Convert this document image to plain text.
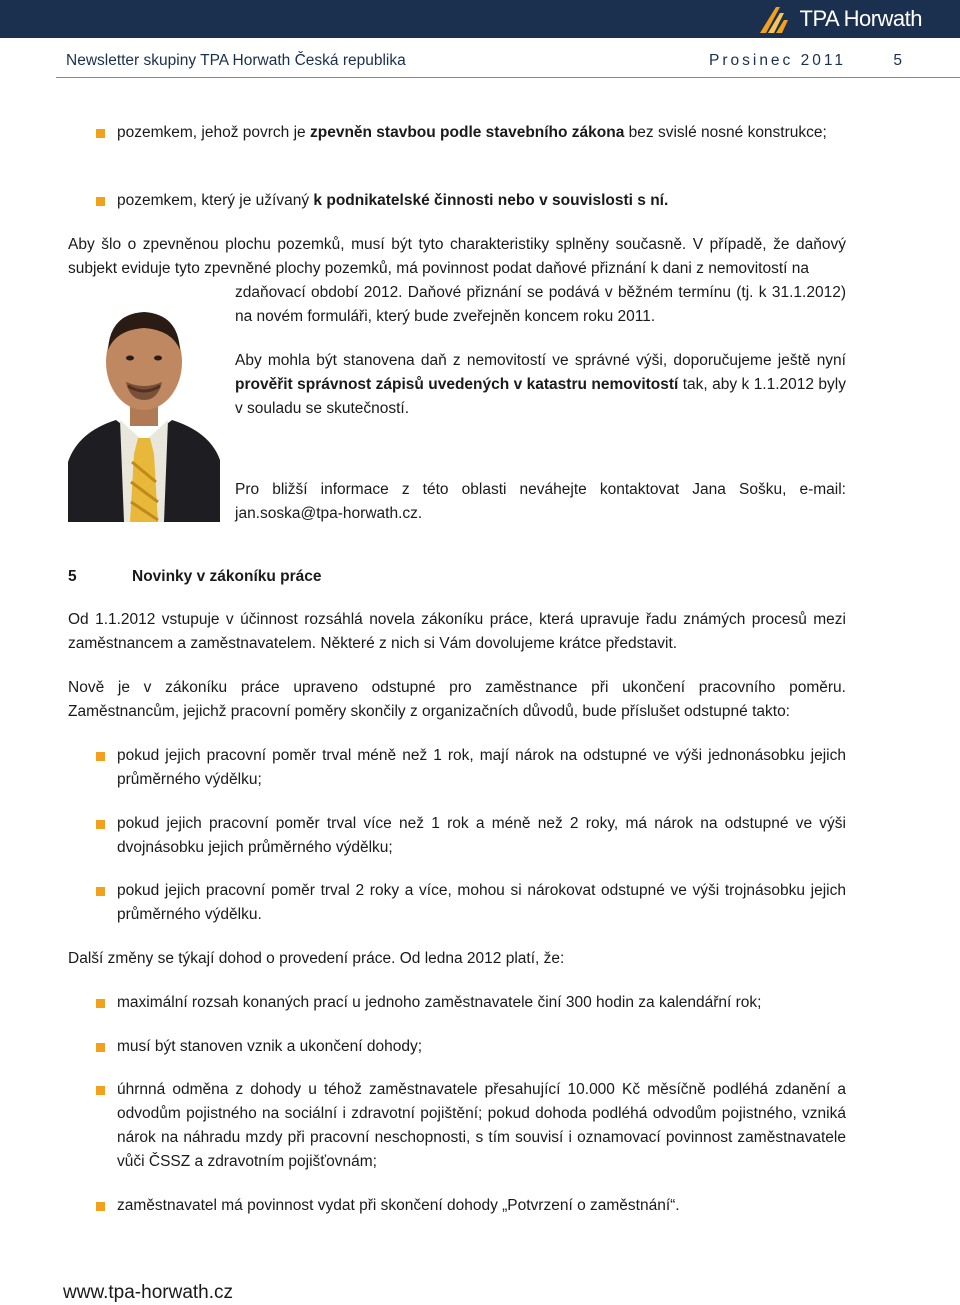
TPA Horwath
Newsletter skupiny TPA Horwath Česká republika	Prosinec 2011	5
pozemkem, jehož povrch je zpevněn stavbou podle stavebního zákona bez svislé nosné konstrukce;
pozemkem, který je užívaný k podnikatelské činnosti nebo v souvislosti s ní.

Aby šlo o zpevněnou plochu pozemků, musí být tyto charakteristiky splněny současně. V případě, že daňový subjekt eviduje tyto zpevněné plochy pozemků, má povinnost podat daňové přiznání k dani z nemovitostí na

zdaňovací období 2012. Daňové přiznání se podává v běžném termínu (tj. k 31.1.2012) na novém formuláři, který bude zveřejněn koncem roku 2011.

Aby mohla být stanovena daň z nemovitostí ve správné výši, doporučujeme ještě nyní prověřit správnost zápisů uvedených v katastru nemovitostí tak, aby k 1.1.2012 byly v souladu se skutečností.

Pro bližší informace z této oblasti neváhejte kontaktovat Jana Sošku, e-mail: jan.soska@tpa-horwath.cz.

5	Novinky v zákoníku práce

Od 1.1.2012 vstupuje v účinnost rozsáhlá novela zákoníku práce, která upravuje řadu známých procesů mezi zaměstnancem a zaměstnavatelem. Některé z nich si Vám dovolujeme krátce představit.

Nově je v zákoníku práce upraveno odstupné pro zaměstnance při ukončení pracovního poměru. Zaměstnancům, jejichž pracovní poměry skončily z organizačních důvodů, bude příslušet odstupné takto:

pokud jejich pracovní poměr trval méně než 1 rok, mají nárok na odstupné ve výši jednonásobku jejich průměrného výdělku;
pokud jejich pracovní poměr trval více než 1 rok a méně než 2 roky, má nárok na odstupné ve výši dvojnásobku jejich průměrného výdělku;
pokud jejich pracovní poměr trval 2 roky a více, mohou si nárokovat odstupné ve výši trojnásobku jejich průměrného výdělku.

Další změny se týkají dohod o provedení práce. Od ledna 2012 platí, že:

maximální rozsah konaných prací u jednoho zaměstnavatele činí 300 hodin za kalendářní rok;
musí být stanoven vznik a ukončení dohody;
úhrnná odměna z dohody u téhož zaměstnavatele přesahující 10.000 Kč měsíčně podléhá zdanění a odvodům pojistného na sociální i zdravotní pojištění; pokud dohoda podléhá odvodům pojistného, vzniká nárok na náhradu mzdy při pracovní neschopnosti, s tím souvisí i oznamovací povinnost zaměstnavatele vůči ČSSZ a zdravotním pojišťovnám;
zaměstnavatel má povinnost vydat při skončení dohody „Potvrzení o zaměstnání“.
www.tpa-horwath.cz
